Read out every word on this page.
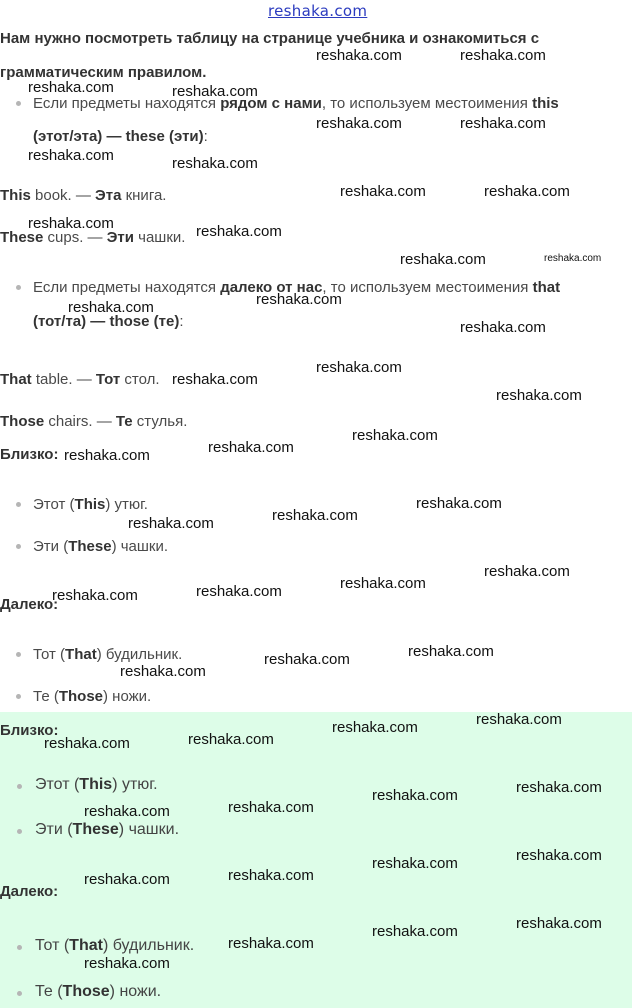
reshaka.com
Нам нужно посмотреть таблицу на странице учебника и ознакомиться с
грамматическим правилом.
Если предметы находятся рядом с нами, то используем местоимения this
(этот/эта) — these (эти):
This book. — Эта книга.
These cups. — Эти чашки.
Если предметы находятся далеко от нас, то используем местоимения that
(тот/та) — those (те):
That table. — Тот стол.
Those chairs. — Те стулья.
Близко:
Этот (This) утюг.
Эти (These) чашки.
Далеко:
Тот (That) будильник.
Те (Those) ножи.
Близко:
Этот (This) утюг.
Эти (These) чашки.
Далеко:
Тот (That) будильник.
Те (Those) ножи.
reshaka.com	reshaka.com
reshaka.com	reshaka.com
reshaka.com	reshaka.com
reshaka.com	reshaka.com
reshaka.com	reshaka.com
reshaka.com	reshaka.com
reshaka.com	reshaka.com
reshaka.com
reshaka.com
reshaka.com
reshaka.com
reshaka.com
reshaka.com
reshaka.com
reshaka.com
reshaka.com
reshaka.com
reshaka.com
reshaka.com
reshaka.com
reshaka.com
reshaka.com
reshaka.com
reshaka.com
reshaka.com
reshaka.com
reshaka.com
reshaka.com
reshaka.com
reshaka.com
reshaka.com
reshaka.com
reshaka.com
reshaka.com
reshaka.com
reshaka.com
reshaka.com
reshaka.com
reshaka.com
reshaka.com
reshaka.com
reshaka.com
